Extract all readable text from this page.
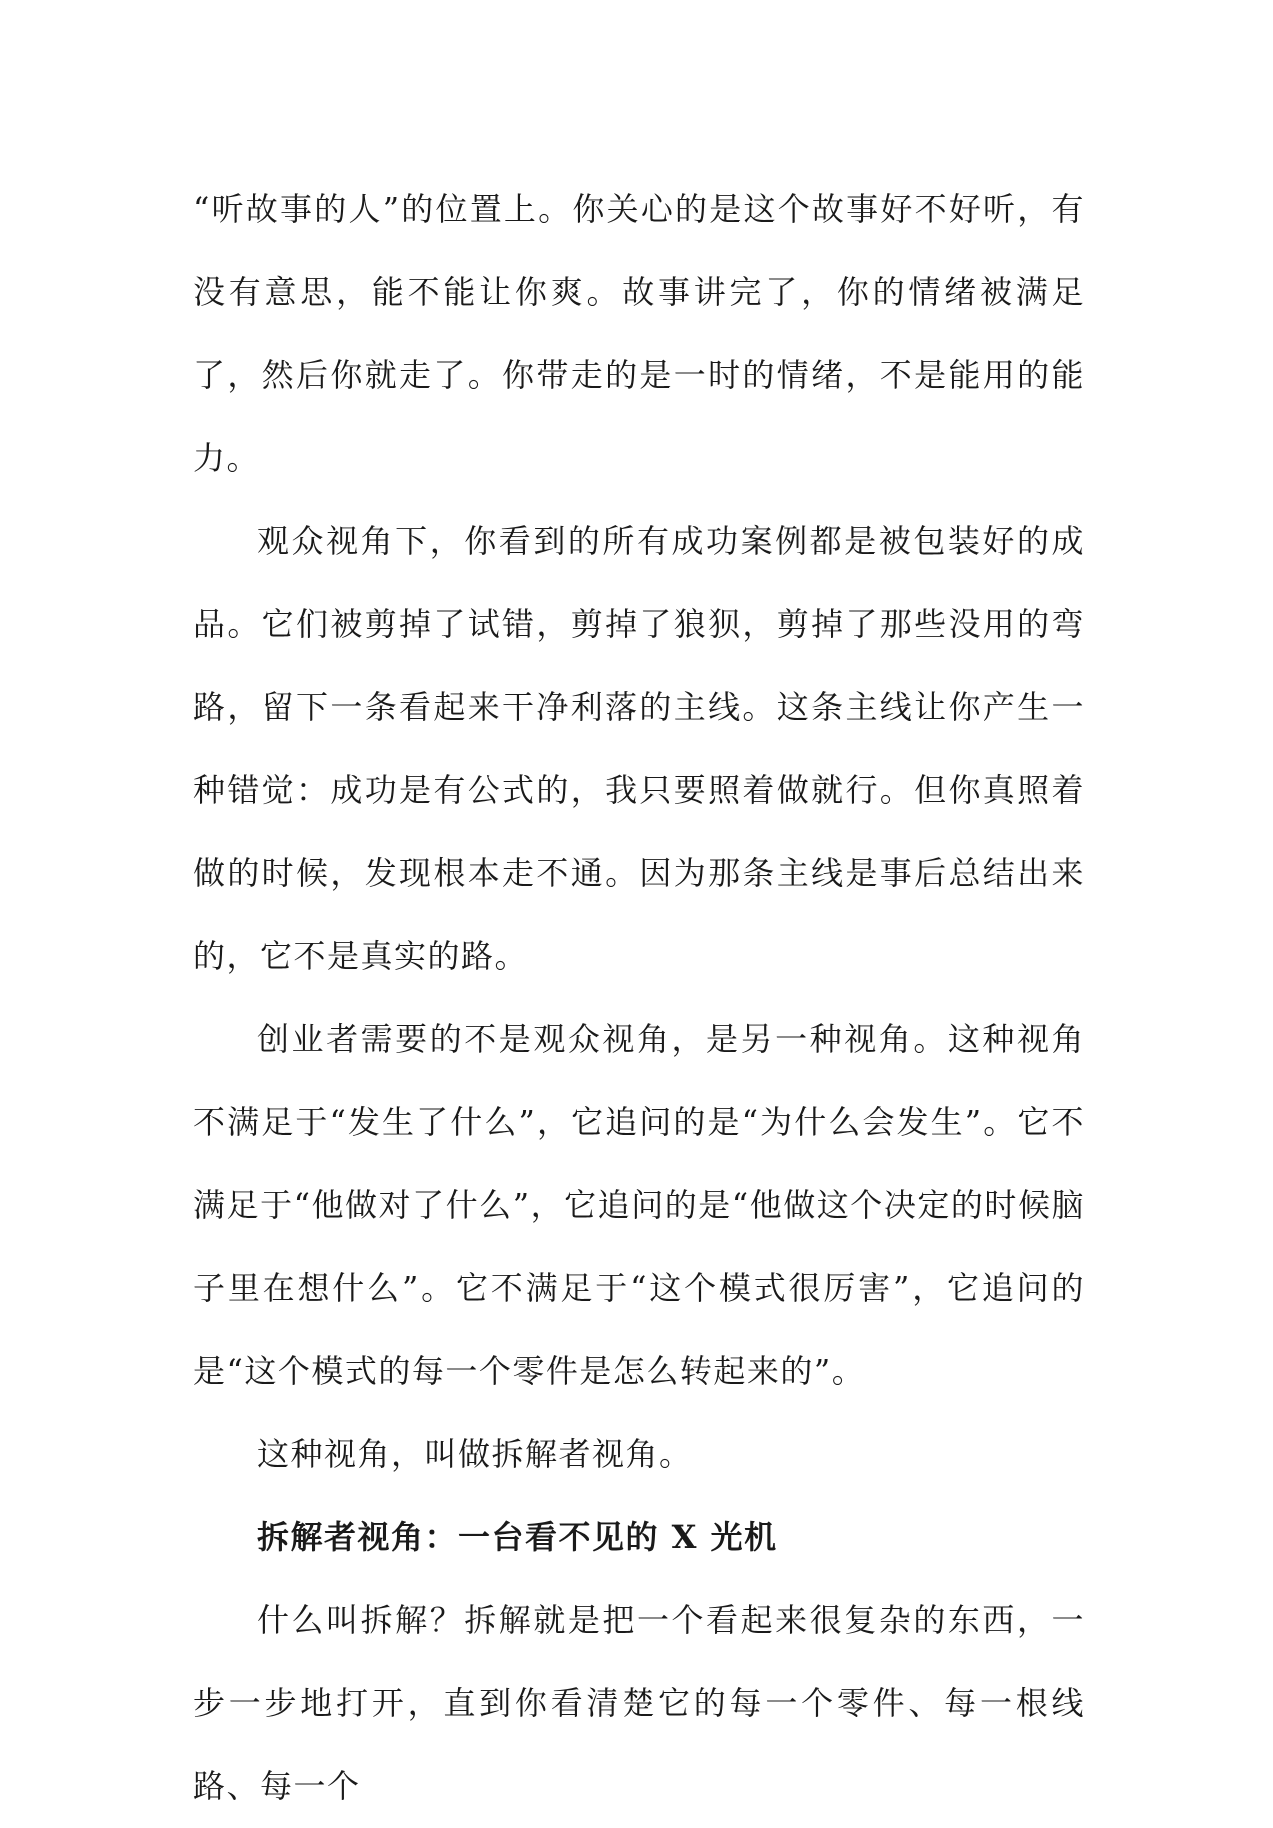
“听故事的人”的位置上。你关心的是这个故事好不好听，有没有意思，能不能让你爽。故事讲完了，你的情绪被满足了，然后你就走了。你带走的是一时的情绪，不是能用的能力。

观众视角下，你看到的所有成功案例都是被包装好的成品。它们被剪掉了试错，剪掉了狼狈，剪掉了那些没用的弯路，留下一条看起来干净利落的主线。这条主线让你产生一种错觉：成功是有公式的，我只要照着做就行。但你真照着做的时候，发现根本走不通。因为那条主线是事后总结出来的，它不是真实的路。

创业者需要的不是观众视角，是另一种视角。这种视角不满足于“发生了什么”，它追问的是“为什么会发生”。它不满足于“他做对了什么”，它追问的是“他做这个决定的时候脑子里在想什么”。它不满足于“这个模式很厉害”，它追问的是“这个模式的每一个零件是怎么转起来的”。

这种视角，叫做拆解者视角。

拆解者视角：一台看不见的 X 光机

什么叫拆解？拆解就是把一个看起来很复杂的东西，一步一步地打开，直到你看清楚它的每一个零件、每一根线路、每一个
